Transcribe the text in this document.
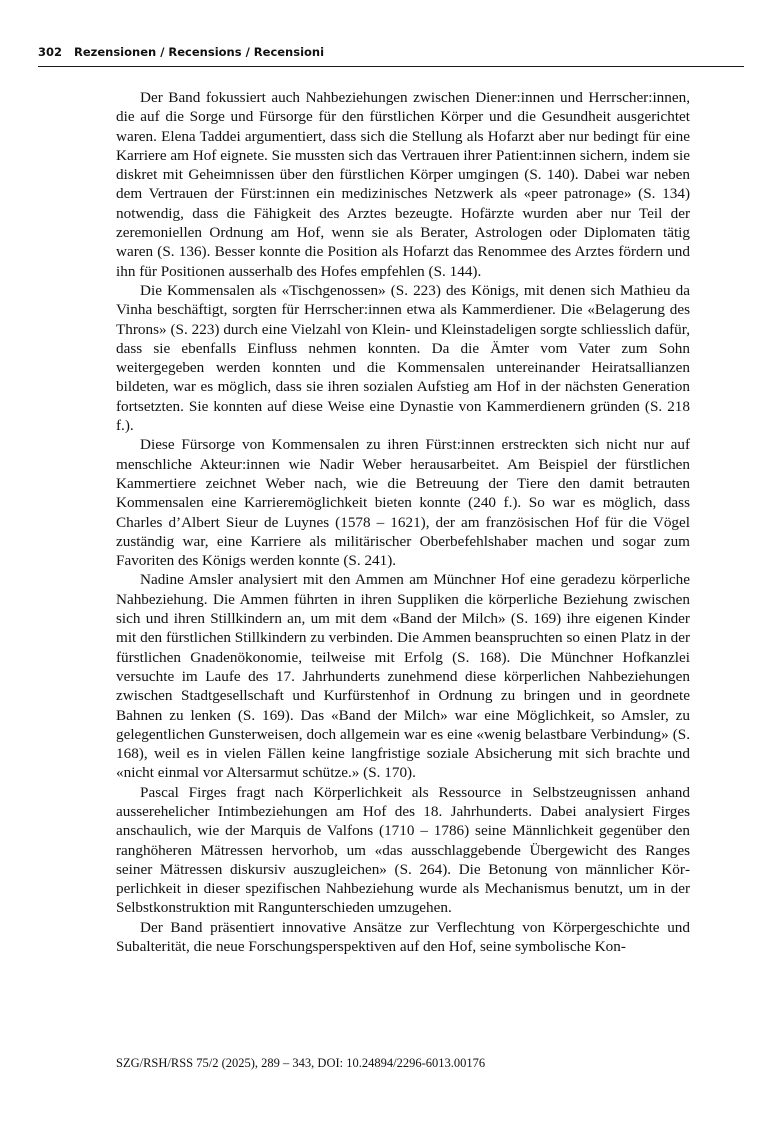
302	Rezensionen / Recensions / Recensioni

Der Band fokussiert auch Nahbeziehungen zwischen Diener:innen und Herrscher:innen, die auf die Sorge und Fürsorge für den fürstlichen Körper und die Gesundheit ausgerichtet waren. Elena Taddei argumentiert, dass sich die Stellung als Hofarzt aber nur bedingt für eine Karriere am Hof eignete. Sie mussten sich das Vertrauen ihrer Patient:innen sichern, indem sie diskret mit Geheimnissen über den fürstlichen Körper umgingen (S. 140). Dabei war neben dem Vertrauen der Fürst:innen ein medizinisches Netzwerk als «peer patronage» (S. 134) notwendig, dass die Fähigkeit des Arztes bezeugte. Hofärzte wurden aber nur Teil der zeremoniellen Ordnung am Hof, wenn sie als Berater, Astrologen oder Diplomaten tätig waren (S. 136). Besser konnte die Position als Hofarzt das Renommee des Arztes fördern und ihn für Positionen ausserhalb des Hofes empfehlen (S. 144).

Die Kommensalen als «Tischgenossen» (S. 223) des Königs, mit denen sich Mathieu da Vinha beschäftigt, sorgten für Herrscher:innen etwa als Kammerdiener. Die «Belagerung des Throns» (S. 223) durch eine Vielzahl von Klein- und Kleinstadeligen sorgte schliesslich dafür, dass sie ebenfalls Einfluss nehmen konnten. Da die Ämter vom Vater zum Sohn weitergegeben werden konnten und die Kommensalen untereinander Heiratsallianzen bildeten, war es möglich, dass sie ihren sozialen Aufstieg am Hof in der nächsten Generation fortsetzten. Sie konnten auf diese Weise eine Dynastie von Kammerdienern gründen (S. 218 f.).

Diese Fürsorge von Kommensalen zu ihren Fürst:innen erstreckten sich nicht nur auf menschliche Akteur:innen wie Nadir Weber herausarbeitet. Am Beispiel der fürstlichen Kammertiere zeichnet Weber nach, wie die Betreuung der Tiere den damit betrauten Kommensalen eine Karrieremöglichkeit bieten konnte (240 f.). So war es möglich, dass Charles d’Albert Sieur de Luynes (1578 – 1621), der am französischen Hof für die Vögel zuständig war, eine Karriere als militärischer Oberbefehlshaber machen und sogar zum Favoriten des Königs werden konnte (S. 241).

Nadine Amsler analysiert mit den Ammen am Münchner Hof eine geradezu körperliche Nahbeziehung. Die Ammen führten in ihren Suppliken die körperliche Beziehung zwischen sich und ihren Stillkindern an, um mit dem «Band der Milch» (S. 169) ihre eigenen Kinder mit den fürstlichen Stillkindern zu verbinden. Die Ammen beanspruchten so einen Platz in der fürstlichen Gnadenökonomie, teilweise mit Erfolg (S. 168). Die Münchner Hofkanzlei versuchte im Laufe des 17. Jahrhunderts zunehmend diese körperlichen Nahbeziehungen zwischen Stadtgesellschaft und Kurfürstenhof in Ordnung zu bringen und in geordnete Bahnen zu lenken (S. 169). Das «Band der Milch» war eine Möglichkeit, so Amsler, zu gelegentlichen Gunsterweisen, doch allgemein war es eine «wenig belastbare Verbindung» (S. 168), weil es in vielen Fällen keine langfristige soziale Absicherung mit sich brachte und «nicht einmal vor Altersarmut schütze.» (S. 170).

Pascal Firges fragt nach Körperlichkeit als Ressource in Selbstzeugnissen anhand ausserehelicher Intimbeziehungen am Hof des 18. Jahrhunderts. Dabei analysiert Firges anschaulich, wie der Marquis de Valfons (1710 – 1786) seine Männlichkeit gegenüber den ranghöheren Mätressen hervorhob, um «das ausschlaggebende Übergewicht des Ranges seiner Mätressen diskursiv auszugleichen» (S. 264). Die Betonung von männlicher Körperlichkeit in dieser spezifischen Nahbeziehung wurde als Mechanismus benutzt, um in der Selbstkonstruktion mit Rangunterschieden umzugehen.

Der Band präsentiert innovative Ansätze zur Verflechtung von Körpergeschichte und Subalterität, die neue Forschungsperspektiven auf den Hof, seine symbolische Kon-

SZG/RSH/RSS 75/2 (2025), 289 – 343, DOI: 10.24894/2296-6013.00176
